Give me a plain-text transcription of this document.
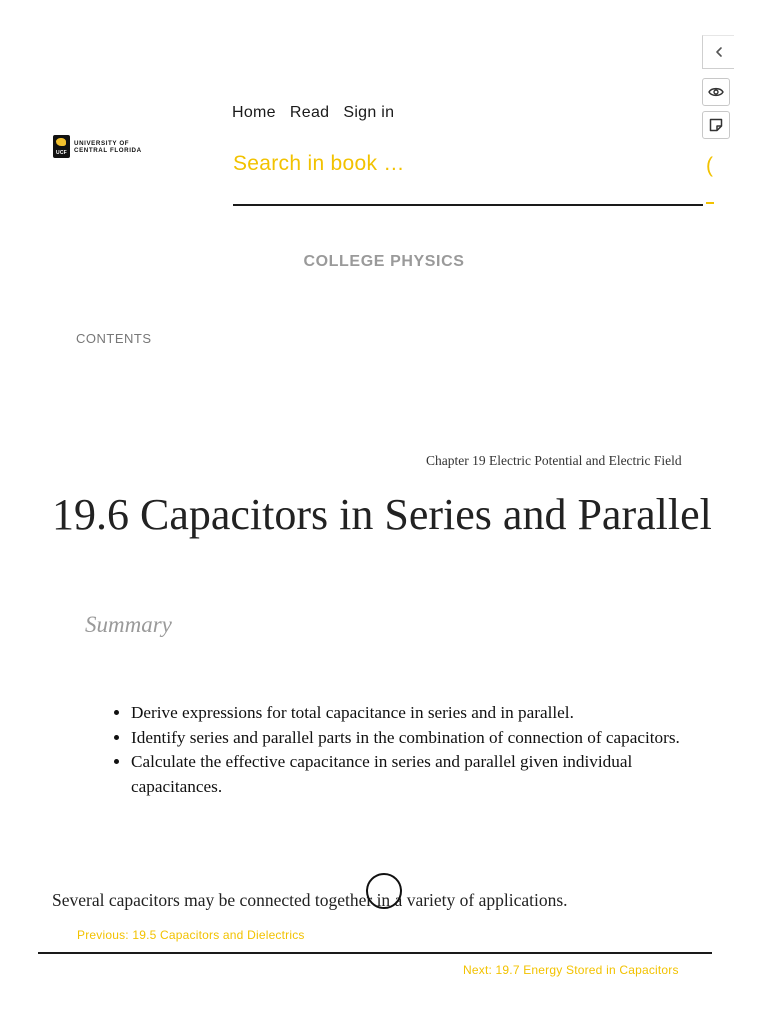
UCF
UNIVERSITY OF
CENTRAL FLORIDA
Home Read Sign in
Search in book …
(
COLLEGE PHYSICS
CONTENTS
Chapter 19 Electric Potential and Electric Field
19.6 Capacitors in Series and Parallel
Summary
• Derive expressions for total capacitance in series and in parallel.
• Identify series and parallel parts in the combination of connection of capacitors.
• Calculate the effective capacitance in series and parallel given individual capacitances.

Several capacitors may be connected together in a variety of applications.

Previous: 19.5 Capacitors and Dielectrics
Next: 19.7 Energy Stored in Capacitors
